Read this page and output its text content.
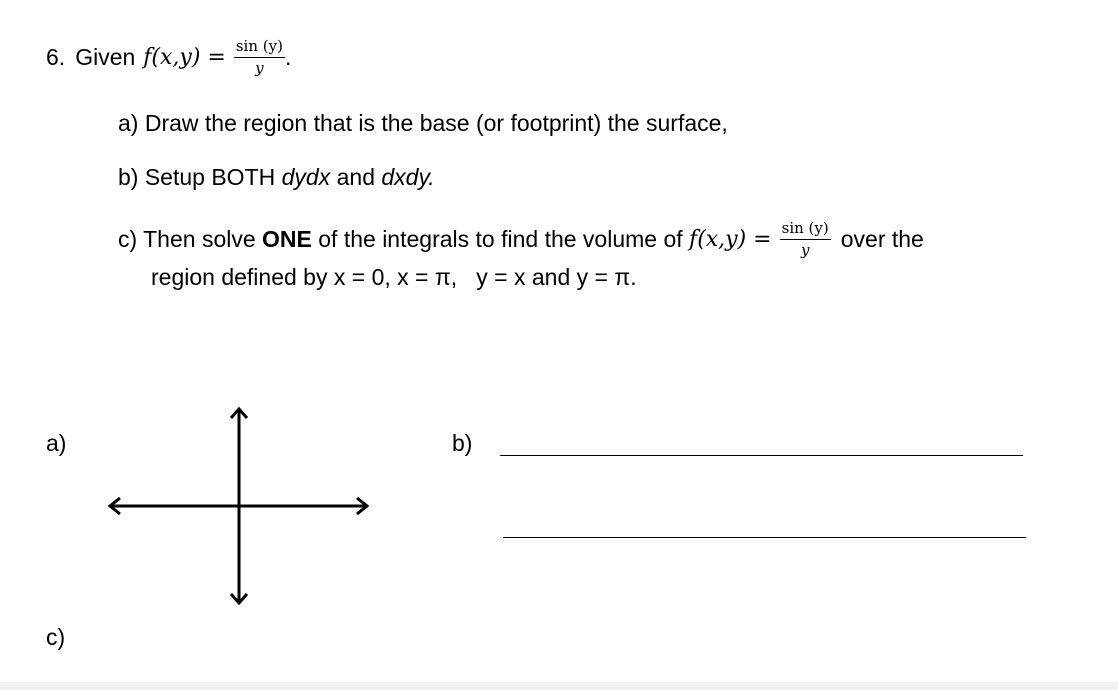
6. Given $f(x,y) = \frac{\sin (y)}{y}$ .
a) Draw the region that is the base (or footprint) the surface,
b) Setup BOTH dydx and dxdy.
c) Then solve ONE of the integrals to find the volume of $f(x,y) = \frac{\sin (y)}{y}$ over the
region defined by x = 0, x = π,   y = x and y = π.
a)	b)
c)
